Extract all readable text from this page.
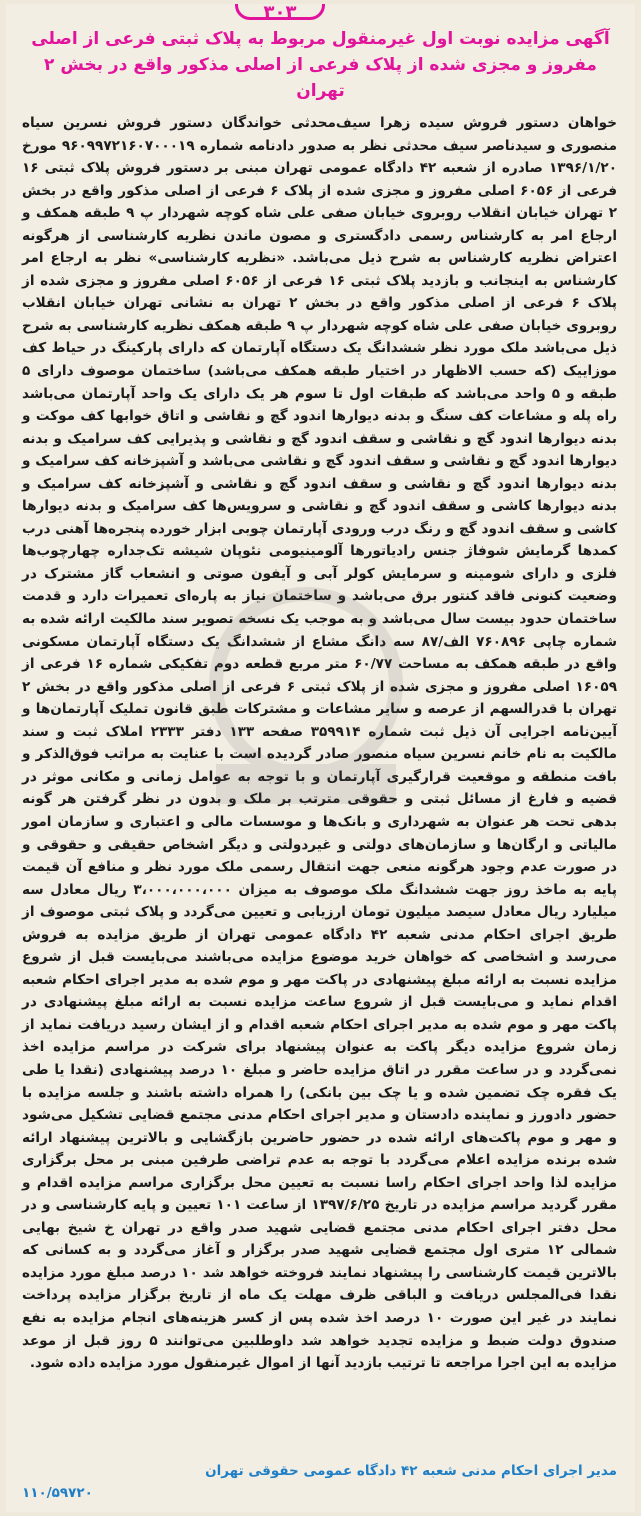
۳۰۳
آگهی مزایده نوبت اول غیرمنقول مربوط به پلاک ثبتی فرعی از اصلی مفروز و مجزی شده از پلاک فرعی از اصلی مذکور واقع در بخش ۲ تهران

خواهان دستور فروش سیده زهرا سیف‌محدثی خواندگان دستور فروش نسرین سیاه منصوری و سیدناصر سیف محدثی نظر به صدور دادنامه شماره ۹۶۰۹۹۷۲۱۶۰۷۰۰۰۱۹ مورخ ۱۳۹۶/۱/۲۰ صادره از شعبه ۴۲ دادگاه عمومی تهران مبنی بر دستور فروش پلاک ثبتی ۱۶ فرعی از ۶۰۵۶ اصلی مفروز و مجزی شده از پلاک ۶ فرعی از اصلی مذکور واقع در بخش ۲ تهران خیابان انقلاب روبروی خیابان صفی علی شاه کوچه شهردار پ ۹ طبقه همکف و ارجاع امر به کارشناس رسمی دادگستری و مصون ماندن نظریه کارشناسی از هرگونه اعتراض نظریه کارشناس به شرح ذیل می‌باشد. «نظریه کارشناسی» نظر به ارجاع امر کارشناس به اینجانب و بازدید پلاک ثبتی ۱۶ فرعی از ۶۰۵۶ اصلی مفروز و مجزی شده از پلاک ۶ فرعی از اصلی مذکور واقع در بخش ۲ تهران به نشانی تهران خیابان انقلاب روبروی خیابان صفی علی شاه کوچه شهردار پ ۹ طبقه همکف نظریه کارشناسی به شرح ذیل می‌باشد ملک مورد نظر ششدانگ یک دستگاه آپارتمان که دارای پارکینگ در حیاط کف موزاییک (که حسب الاظهار در اختیار طبقه همکف می‌باشد) ساختمان موصوف دارای ۵ طبقه و ۵ واحد می‌باشد که طبقات اول تا سوم هر یک دارای یک واحد آپارتمان می‌باشد راه پله و مشاعات کف سنگ و بدنه دیوارها اندود گچ و نقاشی و اتاق خوابها کف موکت و بدنه دیوارها اندود گچ و نقاشی و سقف اندود گچ و نقاشی و پذیرایی کف سرامیک و بدنه دیوارها اندود گچ و نقاشی و سقف اندود گچ و نقاشی می‌باشد و آشپزخانه کف سرامیک و بدنه دیوارها اندود گچ و نقاشی و سقف اندود گچ و نقاشی و آشپزخانه کف سرامیک و بدنه دیوارها کاشی و سقف اندود گچ و نقاشی و سرویس‌ها کف سرامیک و بدنه دیوارها کاشی و سقف اندود گچ و رنگ درب ورودی آپارتمان چوبی ابزار خورده پنجره‌ها آهنی درب کمدها گرمایش شوفاژ جنس رادیاتورها آلومینیومی نئوپان شیشه تک‌جداره چهارچوب‌ها فلزی و دارای شومینه و سرمایش کولر آبی و آیفون صوتی و انشعاب گاز مشترک در وضعیت کنونی فاقد کنتور برق می‌باشد و ساختمان نیاز به پاره‌ای تعمیرات دارد و قدمت ساختمان حدود بیست سال می‌باشد و به موجب یک نسخه تصویر سند مالکیت ارائه شده به شماره چاپی ۷۶۰۸۹۶ الف/۸۷ سه دانگ مشاع از ششدانگ یک دستگاه آپارتمان مسکونی واقع در طبقه همکف به مساحت ۶۰/۷۷ متر مربع قطعه دوم تفکیکی شماره ۱۶ فرعی از ۱۶۰۵۹ اصلی مفروز و مجزی شده از پلاک ثبتی ۶ فرعی از اصلی مذکور واقع در بخش ۲ تهران با قدرالسهم از عرصه و سایر مشاعات و مشترکات طبق قانون تملیک آپارتمان‌ها و آیین‌نامه اجرایی آن ذیل ثبت شماره ۳۵۹۹۱۴ صفحه ۱۳۳ دفتر ۲۳۳۳ املاک ثبت و سند مالکیت به نام خانم نسرین سیاه منصور صادر گردیده است با عنایت به مراتب فوق‌الذکر و بافت منطقه و موقعیت قرارگیری آپارتمان و با توجه به عوامل زمانی و مکانی موثر در قضیه و فارغ از مسائل ثبتی و حقوقی مترتب بر ملک و بدون در نظر گرفتن هر گونه بدهی تحت هر عنوان به شهرداری و بانک‌ها و موسسات مالی و اعتباری و سازمان امور مالیاتی و ارگان‌ها و سازمان‌های دولتی و غیردولتی و دیگر اشخاص حقیقی و حقوقی و در صورت عدم وجود هرگونه منعی جهت انتقال رسمی ملک مورد نظر و منافع آن قیمت پایه به ماخذ روز جهت ششدانگ ملک موصوف به میزان ۳،۰۰۰،۰۰۰،۰۰۰ ریال معادل سه میلیارد ریال معادل سیصد میلیون تومان ارزیابی و تعیین می‌گردد و پلاک ثبتی موصوف از طریق اجرای احکام مدنی شعبه ۴۲ دادگاه عمومی تهران از طریق مزایده به فروش می‌رسد و اشخاصی که خواهان خرید موضوع مزایده می‌باشند می‌بایست قبل از شروع مزایده نسبت به ارائه مبلغ پیشنهادی در پاکت مهر و موم شده به مدیر اجرای احکام شعبه اقدام نماید و می‌بایست قبل از شروع ساعت مزایده نسبت به ارائه مبلغ پیشنهادی در پاکت مهر و موم شده به مدیر اجرای احکام شعبه اقدام و از ایشان رسید دریافت نماید از زمان شروع مزایده دیگر پاکت به عنوان پیشنهاد برای شرکت در مراسم مزایده اخذ نمی‌گردد و در ساعت مقرر در اتاق مزایده حاضر و مبلغ ۱۰ درصد پیشنهادی (نقدا یا طی یک فقره چک تضمین شده و یا چک بین بانکی) را همراه داشته باشند و جلسه مزایده با حضور دادورز و نماینده دادستان و مدیر اجرای احکام مدنی مجتمع قضایی تشکیل می‌شود و مهر و موم پاکت‌های ارائه شده در حضور حاضرین بازگشایی و بالاترین پیشنهاد ارائه شده برنده مزایده اعلام می‌گردد با توجه به عدم تراضی طرفین مبنی بر محل برگزاری مزایده لذا واحد اجرای احکام راسا نسبت به تعیین محل برگزاری مراسم مزایده اقدام و مقرر گردید مراسم مزایده در تاریخ ۱۳۹۷/۶/۲۵ از ساعت ۱۰۱ تعیین و پایه کارشناسی و در محل دفتر اجرای احکام مدنی مجتمع قضایی شهید صدر واقع در تهران خ شیخ بهایی شمالی ۱۲ متری اول مجتمع قضایی شهید صدر برگزار و آغاز می‌گردد و به کسانی که بالاترین قیمت کارشناسی را پیشنهاد نمایند فروخته خواهد شد ۱۰ درصد مبلغ مورد مزایده نقدا فی‌المجلس دریافت و الباقی ظرف مهلت یک ماه از تاریخ برگزار مزایده پرداخت نمایند در غیر این صورت ۱۰ درصد اخذ شده پس از کسر هزینه‌های انجام مزایده به نفع صندوق دولت ضبط و مزایده تجدید خواهد شد داوطلبین می‌توانند ۵ روز قبل از موعد مزایده به این اجرا مراجعه تا ترتیب بازدید آنها از اموال غیرمنقول مورد مزایده داده شود.

مدیر اجرای احکام مدنی شعبه ۴۲ دادگاه عمومی حقوقی تهران
۱۱۰/۵۹۷۲۰
